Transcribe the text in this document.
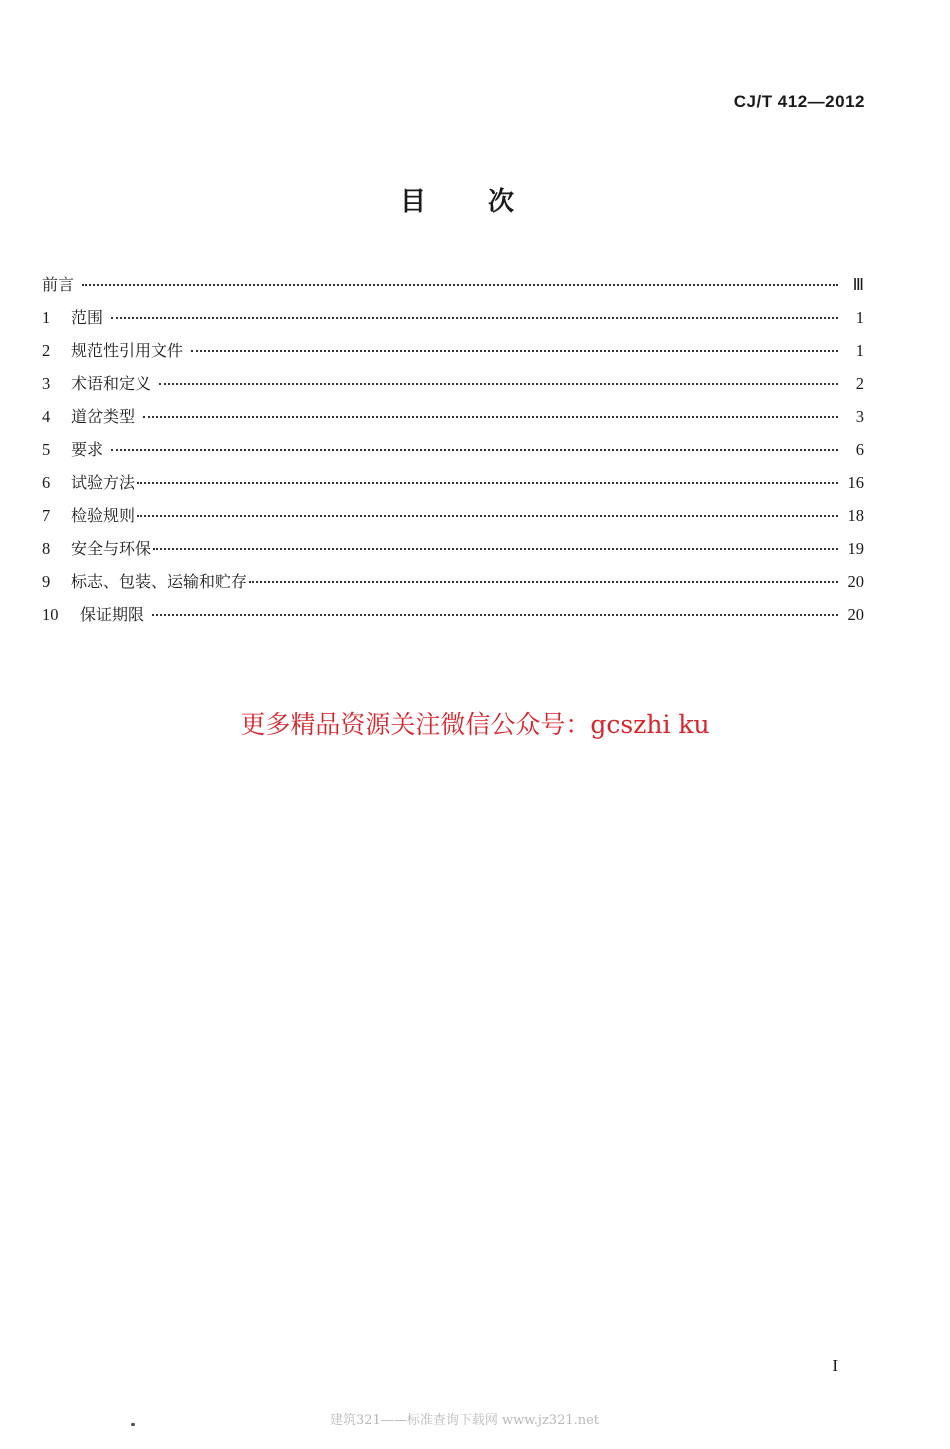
CJ/T 412—2012
目 次
前言	Ⅲ
1	范围	1
2	规范性引用文件	1
3	术语和定义	2
4	道岔类型	3
5	要求	6
6	试验方法	16
7	检验规则	18
8	安全与环保	19
9	标志、包装、运输和贮存	20
10	保证期限	20
更多精品资源关注微信公众号：gcszhi ku
I
建筑321——标准查询下载网 www.jz321.net
